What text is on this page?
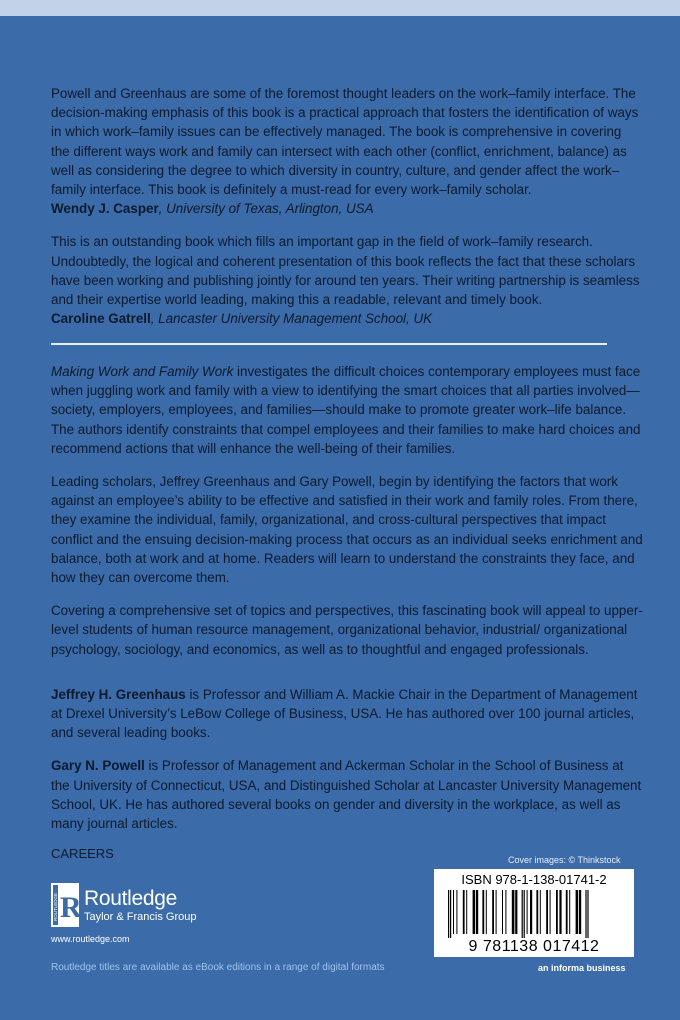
Powell and Greenhaus are some of the foremost thought leaders on the work–family interface. The decision-making emphasis of this book is a practical approach that fosters the identification of ways in which work–family issues can be effectively managed. The book is comprehensive in covering the different ways work and family can intersect with each other (conflict, enrichment, balance) as well as considering the degree to which diversity in country, culture, and gender affect the work–family interface. This book is definitely a must-read for every work–family scholar.
Wendy J. Casper, University of Texas, Arlington, USA

This is an outstanding book which fills an important gap in the field of work–family research. Undoubtedly, the logical and coherent presentation of this book reflects the fact that these scholars have been working and publishing jointly for around ten years. Their writing partnership is seamless and their expertise world leading, making this a readable, relevant and timely book.
Caroline Gatrell, Lancaster University Management School, UK

Making Work and Family Work investigates the difficult choices contemporary employees must face when juggling work and family with a view to identifying the smart choices that all parties involved—society, employers, employees, and families—should make to promote greater work–life balance. The authors identify constraints that compel employees and their families to make hard choices and recommend actions that will enhance the well-being of their families.

Leading scholars, Jeffrey Greenhaus and Gary Powell, begin by identifying the factors that work against an employee’s ability to be effective and satisfied in their work and family roles. From there, they examine the individual, family, organizational, and cross-cultural perspectives that impact conflict and the ensuing decision-making process that occurs as an individual seeks enrichment and balance, both at work and at home. Readers will learn to understand the constraints they face, and how they can overcome them.

Covering a comprehensive set of topics and perspectives, this fascinating book will appeal to upper-level students of human resource management, organizational behavior, industrial/ organizational psychology, sociology, and economics, as well as to thoughtful and engaged professionals.

Jeffrey H. Greenhaus is Professor and William A. Mackie Chair in the Department of Management at Drexel University’s LeBow College of Business, USA. He has authored over 100 journal articles, and several leading books.

Gary N. Powell is Professor of Management and Ackerman Scholar in the School of Business at the University of Connecticut, USA, and Distinguished Scholar at Lancaster University Management School, UK. He has authored several books on gender and diversity in the workplace, as well as many journal articles.

CAREERS
ROUTLEDGE R Routledge
Taylor & Francis Group
www.routledge.com
Routledge titles are available as eBook editions in a range of digital formats
Cover images: © Thinkstock
ISBN 978-1-138-01741-2
9 781138 017412
an informa business
